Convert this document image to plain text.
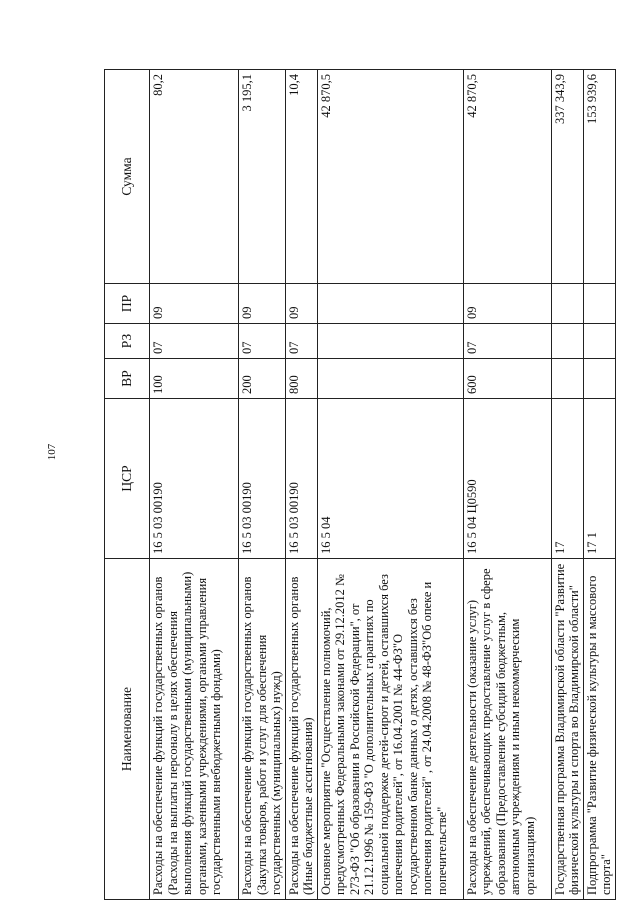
107
Наименование	ЦСР	ВР	РЗ	ПР	Сумма
Расходы на обеспечение функций государственных органов (Расходы на выплаты персоналу в целях обеспечения выполнения функций государственными (муниципальными) органами, казенными учреждениями, органами управления государственными внебюджетными фондами)	16 5 03 00190	100	07	09	80,2
Расходы на обеспечение функций государственных органов (Закупка товаров, работ и услуг для обеспечения государственных (муниципальных) нужд)	16 5 03 00190	200	07	09	3 195,1
Расходы на обеспечение функций государственных органов (Иные бюджетные ассигнования)	16 5 03 00190	800	07	09	10,4
Основное мероприятие "Осуществление полномочий, предусмотренных Федеральными законами от 29.12.2012 № 273-ФЗ "Об образовании в Российской Федерации", от 21.12.1996 № 159-ФЗ "О дополнительных гарантиях по социальной поддержке детей-сирот и детей, оставшихся без попечения родителей", от 16.04.2001 № 44-ФЗ"О государственном банке данных о детях, оставшихся без попечения родителей" , от 24.04.2008 № 48-ФЗ"Об опеке и попечительстве"	16 5 04				42 870,5
Расходы на обеспечение деятельности (оказание услуг) учреждений, обеспечивающих предоставление услуг в сфере образования (Предоставление субсидий бюджетным, автономным учреждениям и иным некоммерческим организациям)	16 5 04 Ц0590	600	07	09	42 870,5
Государственная программа Владимирской области "Развитие физической культуры и спорта во Владимирской области"	17				337 343,9
Подпрограмма "Развитие физической культуры и массового спорта"	17 1				153 939,6
